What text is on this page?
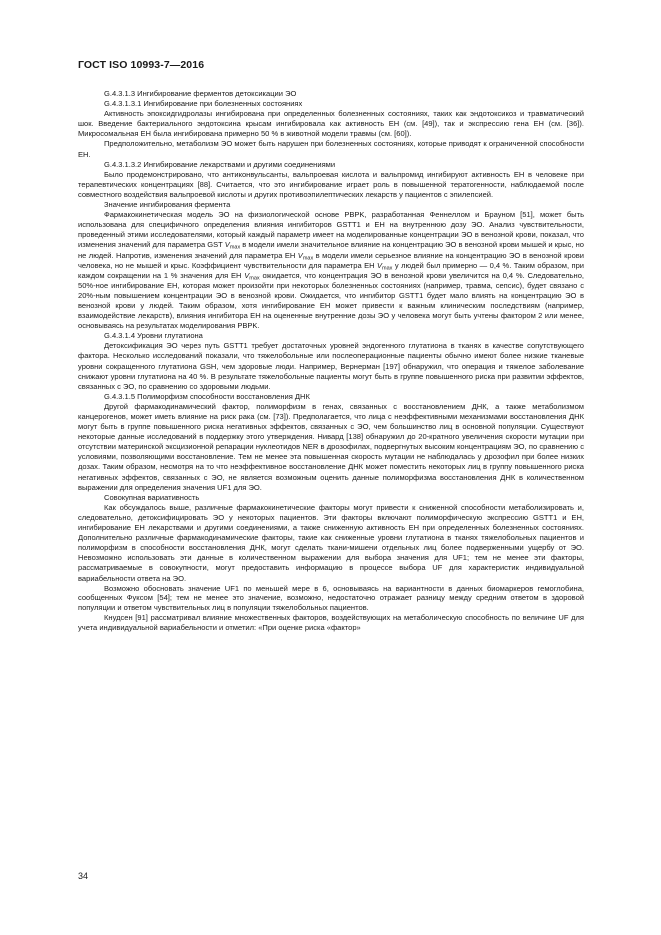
ГОСТ ISO 10993-7—2016

G.4.3.1.3 Ингибирование ферментов детоксикации ЭО

G.4.3.1.3.1 Ингибирование при болезненных состояниях

Активность эпоксидгидролазы ингибирована при определенных болезненных состояниях, таких как эндотоксикоз и травматический шок. Введение бактериального эндотоксина крысам ингибировала как активность ЕН (см. [49]), так и экспрессию гена ЕН (см. [36]). Микросомальная ЕН была ингибирована примерно 50 % в животной модели травмы (см. [60]).

Предположительно, метаболизм ЭО может быть нарушен при болезненных состояниях, которые приводят к ограниченной способности ЕН.

G.4.3.1.3.2 Ингибирование лекарствами и другими соединениями

Было продемонстрировано, что антиконвульсанты, вальпроевая кислота и вальпромид ингибируют активность ЕН в человеке при терапевтических концентрациях [88]. Считается, что это ингибирование играет роль в повышенной тератогенности, наблюдаемой после совместного воздействия вальпроевой кислоты и других противоэпилептических лекарств у пациентов с эпилепсией.

Значение ингибирования фермента

Фармакокинетическая модель ЭО на физиологической основе PBPK, разработанная Феннеллом и Брауном [51], может быть использована для специфичного определения влияния ингибиторов GSTT1 и ЕН на внутреннюю дозу ЭО. Анализ чувствительности, проведенный этими исследователями, который каждый параметр имеет на моделированные концентрации ЭО в венозной крови, показал, что изменения значений для параметра GST $V_{max}$ в модели имели значительное влияние на концентрацию ЭО в венозной крови мышей и крыс, но не людей. Напротив, изменения значений для параметра ЕН $V_{max}$ в модели имели серьезное влияние на концентрацию ЭО в венозной крови человека, но не мышей и крыс. Коэффициент чувствительности для параметра ЕН $V_{max}$ у людей был примерно — 0,4 %. Таким образом, при каждом сокращении на 1 % значения для ЕН $V_{max}$ ожидается, что концентрация ЭО в венозной крови увеличится на 0,4 %. Следовательно, 50%-ное ингибирование ЕН, которая может произойти при некоторых болезненных состояниях (например, травма, сепсис), будет связано с 20%-ным повышением концентрации ЭО в венозной крови. Ожидается, что ингибитор GSTT1 будет мало влиять на концентрацию ЭО в венозной крови у людей. Таким образом, хотя ингибирование ЕН может привести к важным клиническим последствиям (например, взаимодействие лекарств), влияния ингибитора ЕН на оцененные внутренние дозы ЭО у человека могут быть учтены фактором 2 или менее, основываясь на результатах моделирования PBPK.

G.4.3.1.4 Уровни глутатиона

Детоксификация ЭО через путь GSTT1 требует достаточных уровней эндогенного глутатиона в тканях в качестве сопутствующего фактора. Несколько исследований показали, что тяжелобольные или послеоперационные пациенты обычно имеют более низкие тканевые уровни сокращенного глутатиона GSH, чем здоровые люди. Например, Вернерман [197] обнаружил, что операция и тяжелое заболевание снижают уровни глутатиона на 40 %. В результате тяжелобольные пациенты могут быть в группе повышенного риска при развитии эффектов, связанных с ЭО, по сравнению со здоровыми людьми.

G.4.3.1.5 Полиморфизм способности восстановления ДНК

Другой фармакодинамический фактор, полиморфизм в генах, связанных с восстановлением ДНК, а также метаболизмом канцерогенов, может иметь влияние на риск рака (см. [73]). Предполагается, что лица с неэффективными механизмами восстановления ДНК могут быть в группе повышенного риска негативных эффектов, связанных с ЭО, чем большинство лиц в основной популяции. Существуют некоторые данные исследований в поддержку этого утверждения. Нивард [138] обнаружил до 20-кратного увеличения скорости мутации при отсутствии материнской эксцизионной репарации нуклеотидов NER в дрозофилах, подвергнутых высоким концентрациям ЭО, по сравнению с условиями, позволяющими восстановление. Тем не менее эта повышенная скорость мутации не наблюдалась у дрозофил при более низких дозах. Таким образом, несмотря на то что неэффективное восстановление ДНК может поместить некоторых лиц в группу повышенного риска негативных эффектов, связанных с ЭО, не является возможным оценить данные полиморфизма восстановления ДНК в количественном выражении для определения значения UF1 для ЭО.

Совокупная вариативность

Как обсуждалось выше, различные фармакокинетические факторы могут привести к сниженной способности метаболизировать и, следовательно, детоксифицировать ЭО у некоторых пациентов. Эти факторы включают полиморфическую экспрессию GSTT1 и ЕН, ингибирование ЕН лекарствами и другими соединениями, а также сниженную активность ЕН при определенных болезненных состояниях. Дополнительно различные фармакодинамические факторы, такие как сниженные уровни глутатиона в тканях тяжелобольных пациентов и полиморфизм в способности восстановления ДНК, могут сделать ткани-мишени отдельных лиц более подверженными ущербу от ЭО. Невозможно использовать эти данные в количественном выражении для выбора значения для UF1; тем не менее эти факторы, рассматриваемые в совокупности, могут предоставить информацию в процессе выбора UF для характеристик индивидуальной вариабельности ответа на ЭО.

Возможно обосновать значение UF1 по меньшей мере в 6, основываясь на вариантности в данных биомаркеров гемоглобина, сообщенных Фуксом [54]; тем не менее это значение, возможно, недостаточно отражает разницу между средним ответом в здоровой популяции и ответом чувствительных лиц в популяции тяжелобольных пациентов.

Кнудсен [91] рассматривал влияние множественных факторов, воздействующих на метаболическую способность по величине UF для учета индивидуальной вариабельности и отметил: «При оценке риска «фактор»

34
